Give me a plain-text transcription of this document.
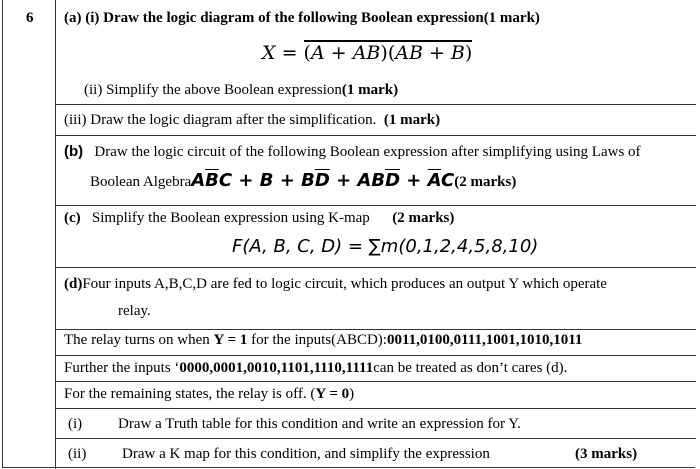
6 (a) (i) Draw the logic diagram of the following Boolean expression(1 mark)
$X = (\overline{A} + AB)(AB + \overline{B})$
(ii) Simplify the above Boolean expression(1 mark)
(iii) Draw the logic diagram after the simplification. (1 mark)
(b) Draw the logic circuit of the following Boolean expression after simplifying using Laws of
Boolean $AlgebraA\overline{B}C + B + B\overline{D} + AB\overline{D} + \overline{A}C(2$ marks)
(c) Simplify the Boolean expression using K-map (2 marks)
F(A, B, C, D) = ∑m(0,1,2,4,5,8,10)
(d)Four inputs A,B,C,D are fed to logic circuit, which produces an output Y which operate
relay.
The relay turns on when Y = 1 for the inputs(ABCD):0011,0100,0111,1001,1010,1011
Further the inputs ‘0000,0001,0010,1101,1110,1111can be treated as don’t cares (d).
For the remaining states, the relay is off. (Y = 0)
(i) Draw a Truth table for this condition and write an expression for Y.
(ii) Draw a K map for this condition, and simplify the expression	(3 marks)
